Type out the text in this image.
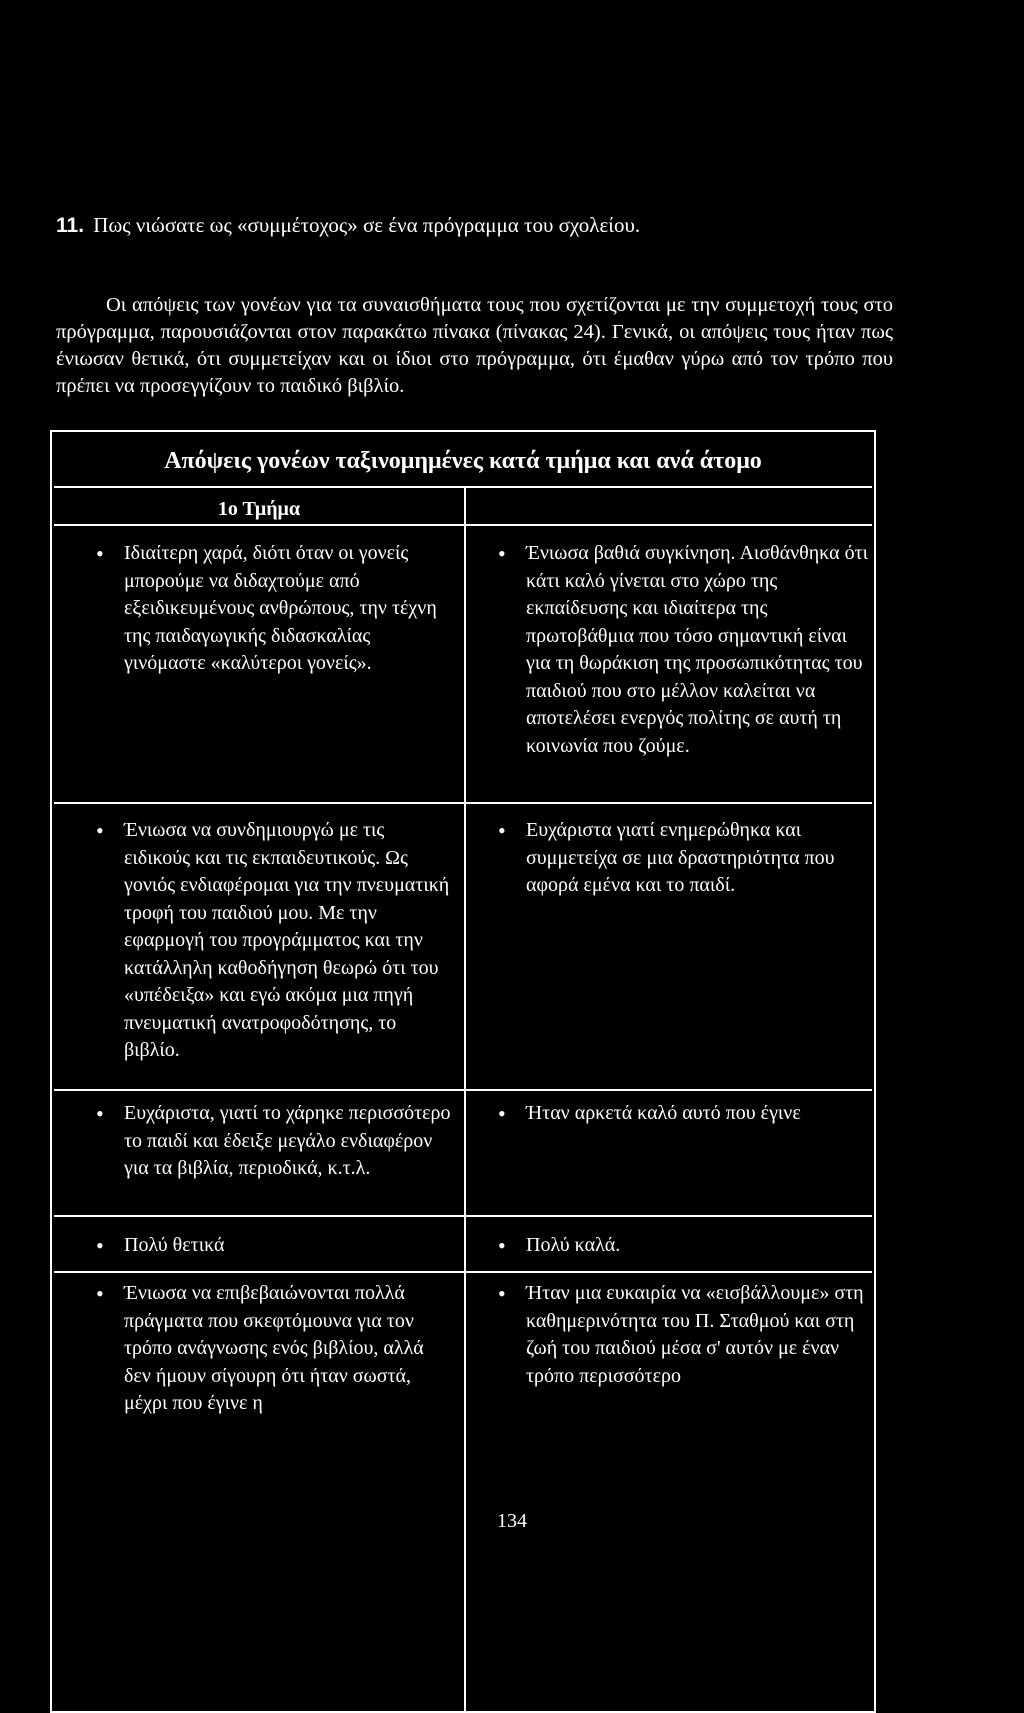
11. Πως νιώσατε ως «συμμέτοχος» σε ένα πρόγραμμα του σχολείου.
Οι απόψεις των γονέων για τα συναισθήματα τους που σχετίζονται με την συμμετοχή τους στο πρόγραμμα, παρουσιάζονται στον παρακάτω πίνακα (πίνακας 24). Γενικά, οι απόψεις τους ήταν πως ένιωσαν θετικά, ότι συμμετείχαν και οι ίδιοι στο πρόγραμμα, ότι έμαθαν γύρω από τον τρόπο που πρέπει να προσεγγίζουν το παιδικό βιβλίο.
Απόψεις γονέων ταξινομημένες κατά τμήμα και ανά άτομο
1ο Τμήμα
• Ιδιαίτερη χαρά, διότι όταν οι γονείς μπορούμε να διδαχτούμε από εξειδικευμένους ανθρώπους, την τέχνη της παιδαγωγικής διδασκαλίας γινόμαστε «καλύτεροι γονείς».
• Ένιωσα βαθιά συγκίνηση. Αισθάνθηκα ότι κάτι καλό γίνεται στο χώρο της εκπαίδευσης και ιδιαίτερα της πρωτοβάθμια που τόσο σημαντική είναι για τη θωράκιση της προσωπικότητας του παιδιού που στο μέλλον καλείται να αποτελέσει ενεργός πολίτης σε αυτή τη κοινωνία που ζούμε.
• Ένιωσα να συνδημιουργώ με τις ειδικούς και τις εκπαιδευτικούς. Ως γονιός ενδιαφέρομαι για την πνευματική τροφή του παιδιού μου. Με την εφαρμογή του προγράμματος και την κατάλληλη καθοδήγηση θεωρώ ότι του «υπέδειξα» και εγώ ακόμα μια πηγή πνευματική ανατροφοδότησης, το βιβλίο.
• Ευχάριστα γιατί ενημερώθηκα και συμμετείχα σε μια δραστηριότητα που αφορά εμένα και το παιδί.
• Ευχάριστα, γιατί το χάρηκε περισσότερο το παιδί και έδειξε μεγάλο ενδιαφέρον για τα βιβλία, περιοδικά, κ.τ.λ.
• Ήταν αρκετά καλό αυτό που έγινε
• Πολύ θετικά
•	Πολύ καλά.
• Ένιωσα να επιβεβαιώνονται πολλά πράγματα που σκεφτόμουνα για τον τρόπο ανάγνωσης ενός βιβλίου, αλλά δεν ήμουν σίγουρη ότι ήταν σωστά, μέχρι που έγινε η
• Ήταν μια ευκαιρία να «εισβάλλουμε» στη καθημερινότητα του Π. Σταθμού και στη ζωή του παιδιού μέσα σ' αυτόν με έναν τρόπο περισσότερο
134
